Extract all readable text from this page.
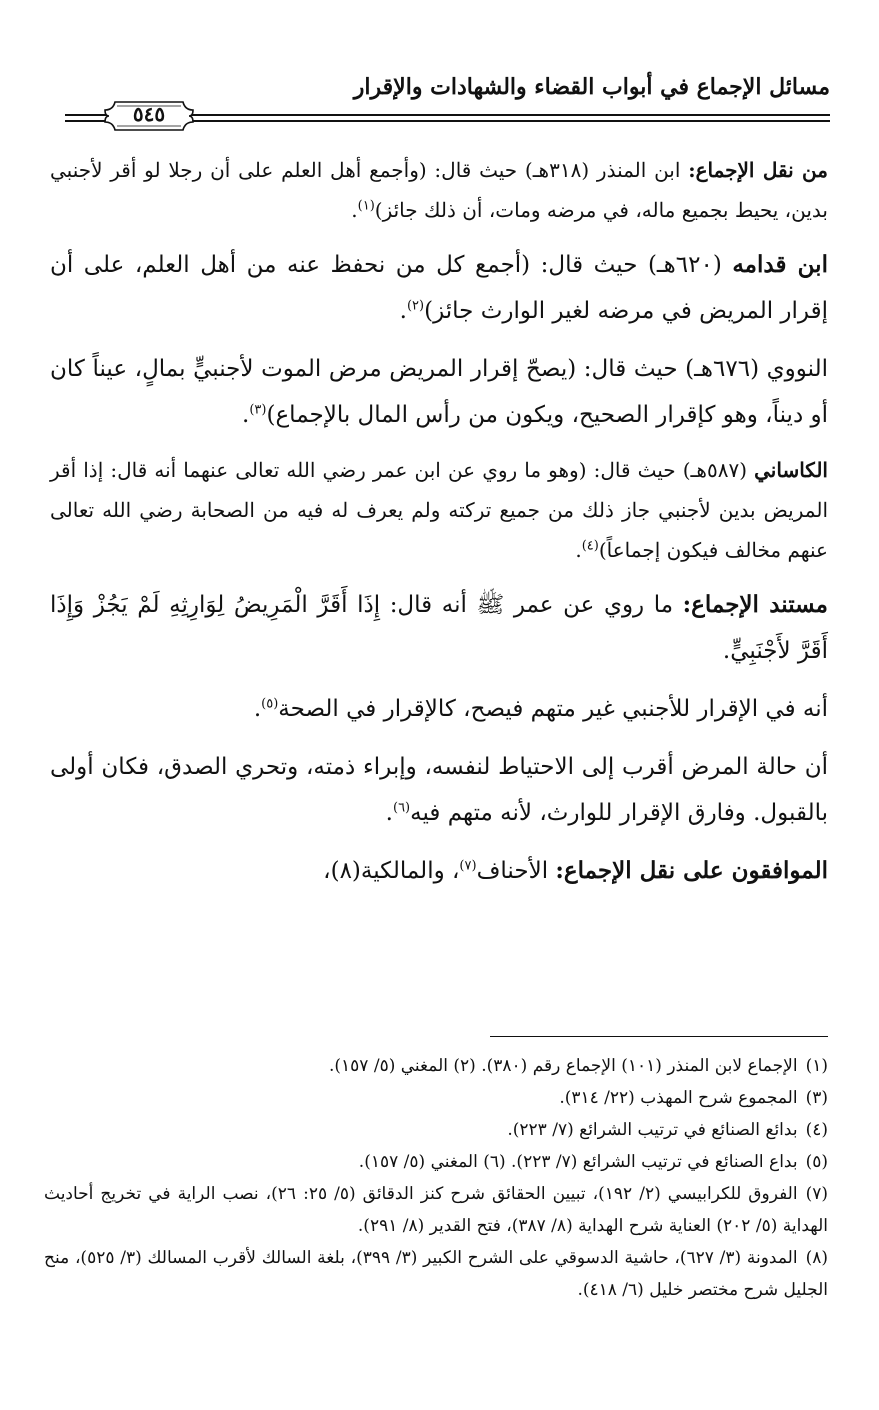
مسائل الإجماع في أبواب القضاء والشهادات والإقرار
٥٤٥

من نقل الإجماع: ابن المنذر (٣١٨هـ) حيث قال: (وأجمع أهل العلم على أن رجلا لو أقر لأجنبي بدين، يحيط بجميع ماله، في مرضه ومات، أن ذلك جائز)$^{(١)}$.

ابن قدامه (٦٢٠هـ) حيث قال: (أجمع كل من نحفظ عنه من أهل العلم، على أن إقرار المريض في مرضه لغير الوارث جائز)$^{(٢)}$.

النووي (٦٧٦هـ) حيث قال: (يصحّ إقرار المريض مرض الموت لأجنبيٍّ بمالٍ، عيناً كان أو ديناً، وهو كإقرار الصحيح، ويكون من رأس المال بالإجماع)$^{(٣)}$.

الكاساني (٥٨٧هـ) حيث قال: (وهو ما روي عن ابن عمر رضي الله تعالى عنهما أنه قال: إذا أقر المريض بدين لأجنبي جاز ذلك من جميع تركته ولم يعرف له فيه من الصحابة رضي الله تعالى عنهم مخالف فيكون إجماعاً)$^{(٤)}$.

مستند الإجماع: ما روي عن عمر ﷺ أنه قال: إِذَا أَقَرَّ الْمَرِيضُ لِوَارِثِهِ لَمْ يَجُزْ وَإِذَا أَقَرَّ لأَجْنَبِيٍّ.

أنه في الإقرار للأجنبي غير متهم فيصح، كالإقرار في الصحة$^{(٥)}$.

أن حالة المرض أقرب إلى الاحتياط لنفسه، وإبراء ذمته، وتحري الصدق، فكان أولى بالقبول. وفارق الإقرار للوارث، لأنه متهم فيه$^{(٦)}$.

الموافقون على نقل الإجماع: الأحناف$^{(٧)}$، والمالكية(٨)،

(١)الإجماع لابن المنذر (١٠١) الإجماع رقم (٣٨٠). (٢) المغني (٥/ ١٥٧).

(٣)المجموع شرح المهذب (٢٢/ ٣١٤).

(٤)بدائع الصنائع في ترتيب الشرائع (٧/ ٢٢٣).

(٥)بداع الصنائع في ترتيب الشرائع (٧/ ٢٢٣). (٦) المغني (٥/ ١٥٧).

(٧)الفروق للكرابيسي (٢/ ١٩٢)، تبيين الحقائق شرح كنز الدقائق (٥/ ٢٥: ٢٦)، نصب الراية في تخريج أحاديث الهداية (٥/ ٢٠٢) العناية شرح الهداية (٨/ ٣٨٧)، فتح القدير (٨/ ٢٩١).

(٨)المدونة (٣/ ٦٢٧)، حاشية الدسوقي على الشرح الكبير (٣/ ٣٩٩)، بلغة السالك لأقرب المسالك (٣/ ٥٢٥)، منح الجليل شرح مختصر خليل (٦/ ٤١٨).
